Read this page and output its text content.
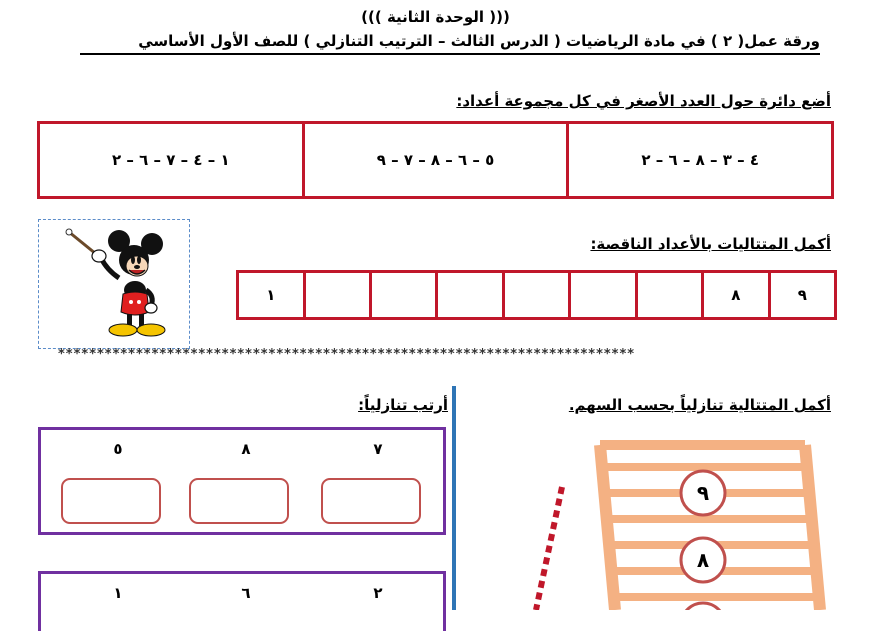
((( الوحدة الثانية )))
ورقة عمل( ٢ ) في مادة الرياضيات ( الدرس الثالث – الترتيب التنازلي ) للصف الأول الأساسي
أضع دائرة حول العدد الأصغر في كل مجموعة أعداد:
٤ – ٣ – ٨ – ٦ – ٢
٥ – ٦ – ٨ – ٧ – ٩
١ – ٤ – ٧ – ٦ – ٢
أكمل المتتاليات بالأعداد الناقصة:
٩
٨
١
**************************************************************************
أكمل المتتالية تنازلياً بحسب السهم.
٩
٨
أرتب تنازلياً:
٥	٨	٧
١	٦	٢
